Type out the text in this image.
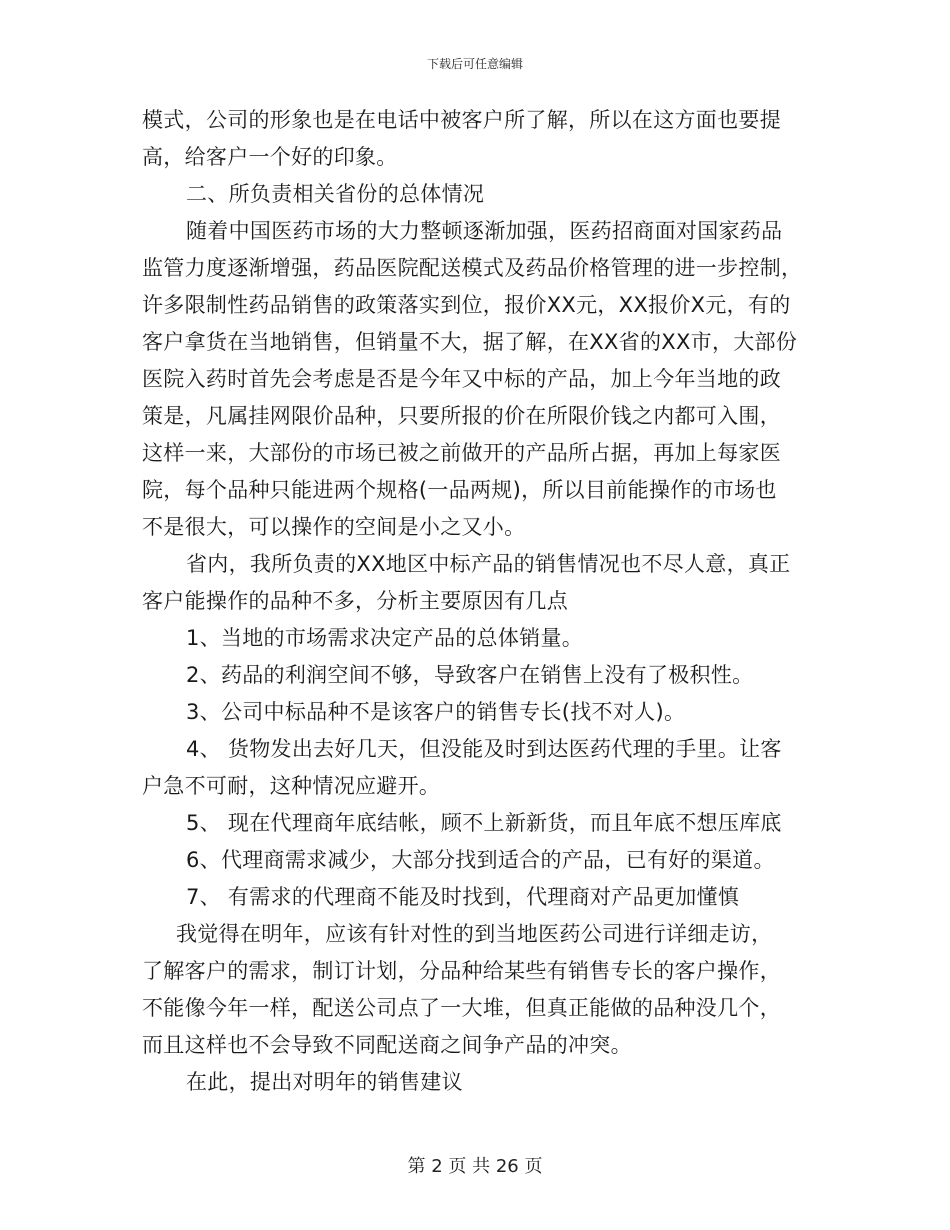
下载后可任意编辑
模式，公司的形象也是在电话中被客户所了解，所以在这方面也要提
高，给客户一个好的印象。
二、所负责相关省份的总体情况
随着中国医药市场的大力整顿逐渐加强，医药招商面对国家药品
监管力度逐渐增强，药品医院配送模式及药品价格管理的进一步控制，
许多限制性药品销售的政策落实到位，报价XX元，XX报价X元，有的
客户拿货在当地销售，但销量不大，据了解，在XX省的XX市，大部份
医院入药时首先会考虑是否是今年又中标的产品，加上今年当地的政
策是，凡属挂网限价品种，只要所报的价在所限价钱之内都可入围，
这样一来，大部份的市场已被之前做开的产品所占据，再加上每家医
院，每个品种只能进两个规格(一品两规)，所以目前能操作的市场也
不是很大，可以操作的空间是小之又小。
省内，我所负责的XX地区中标产品的销售情况也不尽人意，真正
客户能操作的品种不多，分析主要原因有几点
1、当地的市场需求决定产品的总体销量。
2、药品的利润空间不够，导致客户在销售上没有了极积性。
3、公司中标品种不是该客户的销售专长(找不对人)。
4、 货物发出去好几天，但没能及时到达医药代理的手里。让客
户急不可耐，这种情况应避开。
5、 现在代理商年底结帐，顾不上新新货，而且年底不想压库底
6、代理商需求减少，大部分找到适合的产品，已有好的渠道。
7、 有需求的代理商不能及时找到，代理商对产品更加懂慎
我觉得在明年，应该有针对性的到当地医药公司进行详细走访，
了解客户的需求，制订计划，分品种给某些有销售专长的客户操作，
不能像今年一样，配送公司点了一大堆，但真正能做的品种没几个，
而且这样也不会导致不同配送商之间争产品的冲突。
在此，提出对明年的销售建议
第 2 页 共 26 页
